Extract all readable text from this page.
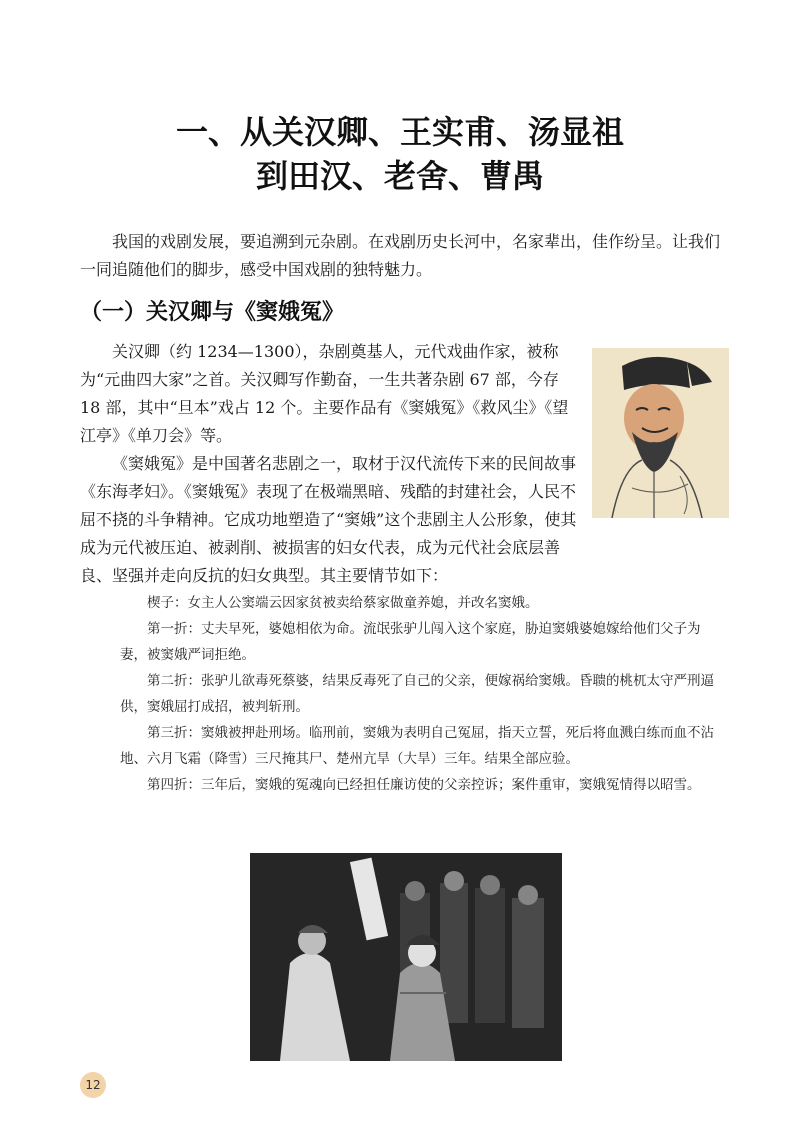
一、从关汉卿、王实甫、汤显祖
到田汉、老舍、曹禺

我国的戏剧发展，要追溯到元杂剧。在戏剧历史长河中，名家辈出，佳作纷呈。让我们一同追随他们的脚步，感受中国戏剧的独特魅力。

（一）关汉卿与《窦娥冤》

关汉卿（约 1234—1300），杂剧奠基人，元代戏曲作家，被称为“元曲四大家”之首。关汉卿写作勤奋，一生共著杂剧 67 部，今存 18 部，其中“旦本”戏占 12 个。主要作品有《窦娥冤》《救风尘》《望江亭》《单刀会》等。

《窦娥冤》是中国著名悲剧之一，取材于汉代流传下来的民间故事《东海孝妇》。《窦娥冤》表现了在极端黑暗、残酷的封建社会，人民不屈不挠的斗争精神。它成功地塑造了“窦娥”这个悲剧主人公形象，使其成为元代被压迫、被剥削、被损害的妇女代表，成为元代社会底层善良、坚强并走向反抗的妇女典型。其主要情节如下：

楔子：女主人公窦端云因家贫被卖给蔡家做童养媳，并改名窦娥。

第一折：丈夫早死，婆媳相依为命。流氓张驴儿闯入这个家庭，胁迫窦娥婆媳嫁给他们父子为妻，被窦娥严词拒绝。

第二折：张驴儿欲毒死蔡婆，结果反毒死了自己的父亲，便嫁祸给窦娥。昏聩的桃杌太守严刑逼供，窦娥屈打成招，被判斩刑。

第三折：窦娥被押赴刑场。临刑前，窦娥为表明自己冤屈，指天立誓，死后将血溅白练而血不沾地、六月飞霜（降雪）三尺掩其尸、楚州亢旱（大旱）三年。结果全部应验。

第四折：三年后，窦娥的冤魂向已经担任廉访使的父亲控诉；案件重审，窦娥冤情得以昭雪。

12
